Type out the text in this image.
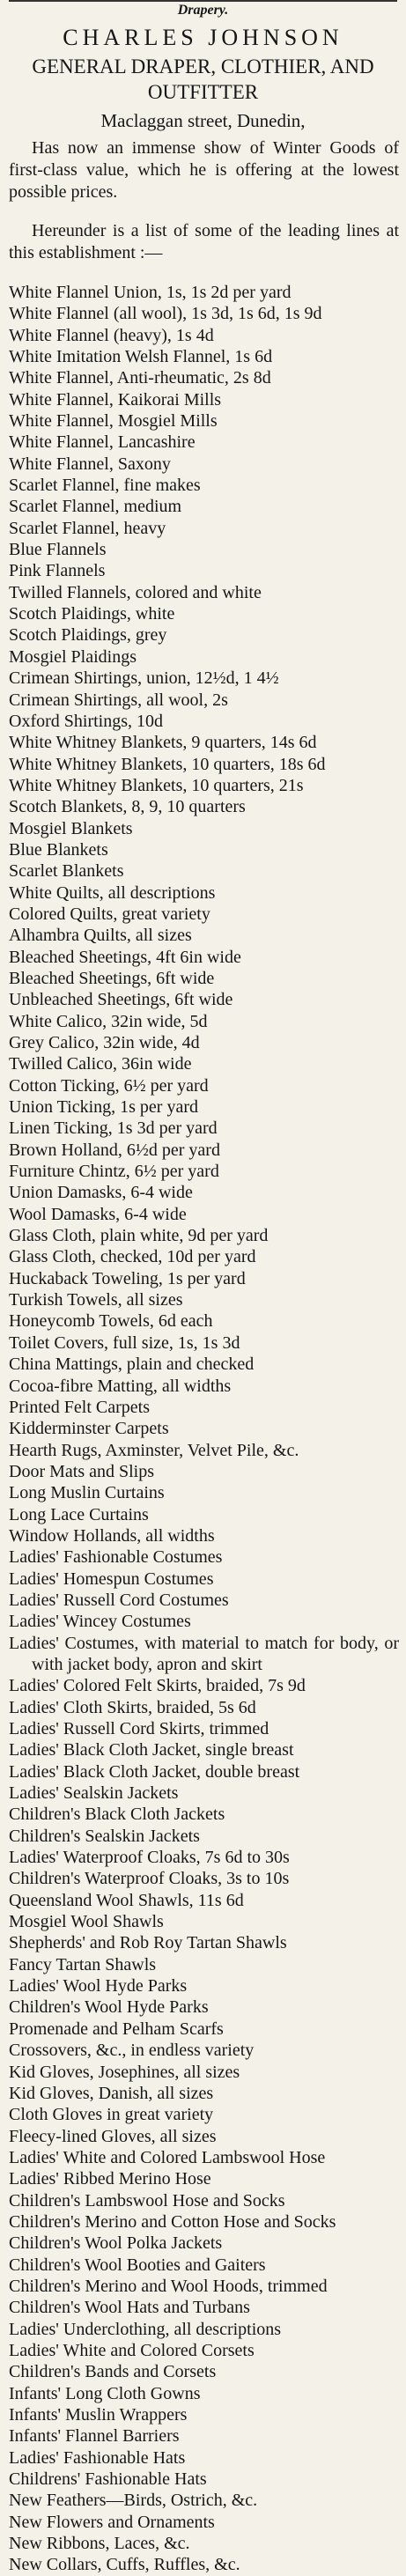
Drapery.
CHARLES JOHNSON
GENERAL DRAPER, CLOTHIER, AND
OUTFITTER
Maclaggan street, Dunedin,

Has now an immense show of Winter Goods of first-class value, which he is offering at the lowest possible prices.

Hereunder is a list of some of the leading lines at this establishment :—

White Flannel Union, 1s, 1s 2d per yard
White Flannel (all wool), 1s 3d, 1s 6d, 1s 9d
White Flannel (heavy), 1s 4d
White Imitation Welsh Flannel, 1s 6d
White Flannel, Anti-rheumatic, 2s 8d
White Flannel, Kaikorai Mills
White Flannel, Mosgiel Mills
White Flannel, Lancashire
White Flannel, Saxony
Scarlet Flannel, fine makes
Scarlet Flannel, medium
Scarlet Flannel, heavy
Blue Flannels
Pink Flannels
Twilled Flannels, colored and white
Scotch Plaidings, white
Scotch Plaidings, grey
Mosgiel Plaidings
Crimean Shirtings, union, 12½d, 1 4½
Crimean Shirtings, all wool, 2s
Oxford Shirtings, 10d
White Whitney Blankets, 9 quarters, 14s 6d
White Whitney Blankets, 10 quarters, 18s 6d
White Whitney Blankets, 10 quarters, 21s
Scotch Blankets, 8, 9, 10 quarters
Mosgiel Blankets
Blue Blankets
Scarlet Blankets
White Quilts, all descriptions
Colored Quilts, great variety
Alhambra Quilts, all sizes
Bleached Sheetings, 4ft 6in wide
Bleached Sheetings, 6ft wide
Unbleached Sheetings, 6ft wide
White Calico, 32in wide, 5d
Grey Calico, 32in wide, 4d
Twilled Calico, 36in wide
Cotton Ticking, 6½ per yard
Union Ticking, 1s per yard
Linen Ticking, 1s 3d per yard
Brown Holland, 6½d per yard
Furniture Chintz, 6½ per yard
Union Damasks, 6-4 wide
Wool Damasks, 6-4 wide
Glass Cloth, plain white, 9d per yard
Glass Cloth, checked, 10d per yard
Huckaback Toweling, 1s per yard
Turkish Towels, all sizes
Honeycomb Towels, 6d each
Toilet Covers, full size, 1s, 1s 3d
China Mattings, plain and checked
Cocoa-fibre Matting, all widths
Printed Felt Carpets
Kidderminster Carpets
Hearth Rugs, Axminster, Velvet Pile, &c.
Door Mats and Slips
Long Muslin Curtains
Long Lace Curtains
Window Hollands, all widths
Ladies' Fashionable Costumes
Ladies' Homespun Costumes
Ladies' Russell Cord Costumes
Ladies' Wincey Costumes
Ladies' Costumes, with material to match for body, or with jacket body, apron and skirt
Ladies' Colored Felt Skirts, braided, 7s 9d
Ladies' Cloth Skirts, braided, 5s 6d
Ladies' Russell Cord Skirts, trimmed
Ladies' Black Cloth Jacket, single breast
Ladies' Black Cloth Jacket, double breast
Ladies' Sealskin Jackets
Children's Black Cloth Jackets
Children's Sealskin Jackets
Ladies' Waterproof Cloaks, 7s 6d to 30s
Children's Waterproof Cloaks, 3s to 10s
Queensland Wool Shawls, 11s 6d
Mosgiel Wool Shawls
Shepherds' and Rob Roy Tartan Shawls
Fancy Tartan Shawls
Ladies' Wool Hyde Parks
Children's Wool Hyde Parks
Promenade and Pelham Scarfs
Crossovers, &c., in endless variety
Kid Gloves, Josephines, all sizes
Kid Gloves, Danish, all sizes
Cloth Gloves in great variety
Fleecy-lined Gloves, all sizes
Ladies' White and Colored Lambswool Hose
Ladies' Ribbed Merino Hose
Children's Lambswool Hose and Socks
Children's Merino and Cotton Hose and Socks
Children's Wool Polka Jackets
Children's Wool Booties and Gaiters
Children's Merino and Wool Hoods, trimmed
Children's Wool Hats and Turbans
Ladies' Underclothing, all descriptions
Ladies' White and Colored Corsets
Children's Bands and Corsets
Infants' Long Cloth Gowns
Infants' Muslin Wrappers
Infants' Flannel Barriers
Ladies' Fashionable Hats
Childrens' Fashionable Hats
New Feathers—Birds, Ostrich, &c.
New Flowers and Ornaments
New Ribbons, Laces, &c.
New Collars, Cuffs, Ruffles, &c.
